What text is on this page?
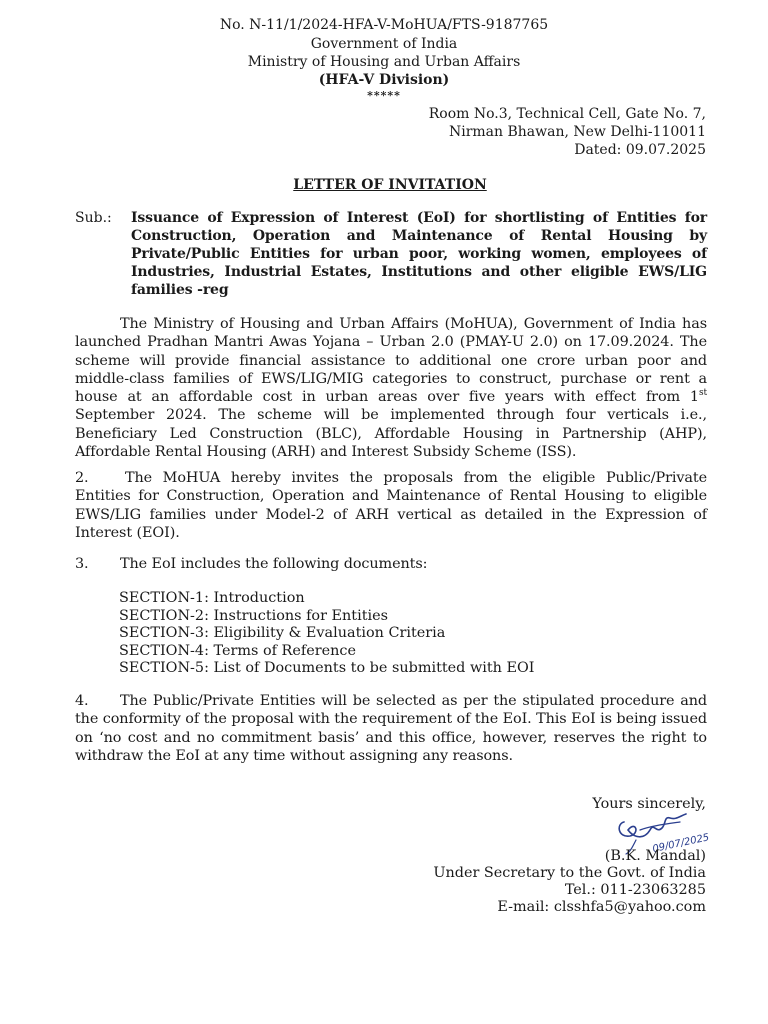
No. N-11/1/2024-HFA-V-MoHUA/FTS-9187765
Government of India
Ministry of Housing and Urban Affairs
(HFA-V Division)
*****
Room No.3, Technical Cell, Gate No. 7,
Nirman Bhawan, New Delhi-110011
Dated: 09.07.2025
LETTER OF INVITATION
Sub.: Issuance of Expression of Interest (EoI) for shortlisting of Entities for Construction, Operation and Maintenance of Rental Housing by Private/Public Entities for urban poor, working women, employees of Industries, Industrial Estates, Institutions and other eligible EWS/LIG families -reg
The Ministry of Housing and Urban Affairs (MoHUA), Government of India has launched Pradhan Mantri Awas Yojana – Urban 2.0 (PMAY-U 2.0) on 17.09.2024. The scheme will provide financial assistance to additional one crore urban poor and middle-class families of EWS/LIG/MIG categories to construct, purchase or rent a house at an affordable cost in urban areas over five years with effect from 1st September 2024. The scheme will be implemented through four verticals i.e., Beneficiary Led Construction (BLC), Affordable Housing in Partnership (AHP), Affordable Rental Housing (ARH) and Interest Subsidy Scheme (ISS).
2.	The MoHUA hereby invites the proposals from the eligible Public/Private Entities for Construction, Operation and Maintenance of Rental Housing to eligible EWS/LIG families under Model-2 of ARH vertical as detailed in the Expression of Interest (EOI).
3. The EoI includes the following documents:
SECTION-1: Introduction
SECTION-2: Instructions for Entities
SECTION-3: Eligibility & Evaluation Criteria
SECTION-4: Terms of Reference
SECTION-5: List of Documents to be submitted with EOI
4. The Public/Private Entities will be selected as per the stipulated procedure and the conformity of the proposal with the requirement of the EoI. This EoI is being issued on ‘no cost and no commitment basis’ and this office, however, reserves the right to withdraw the EoI at any time without assigning any reasons.
Yours sincerely,
09/07/2025
(B.K. Mandal)
Under Secretary to the Govt. of India
Tel.: 011-23063285
E-mail: clsshfa5@yahoo.com
